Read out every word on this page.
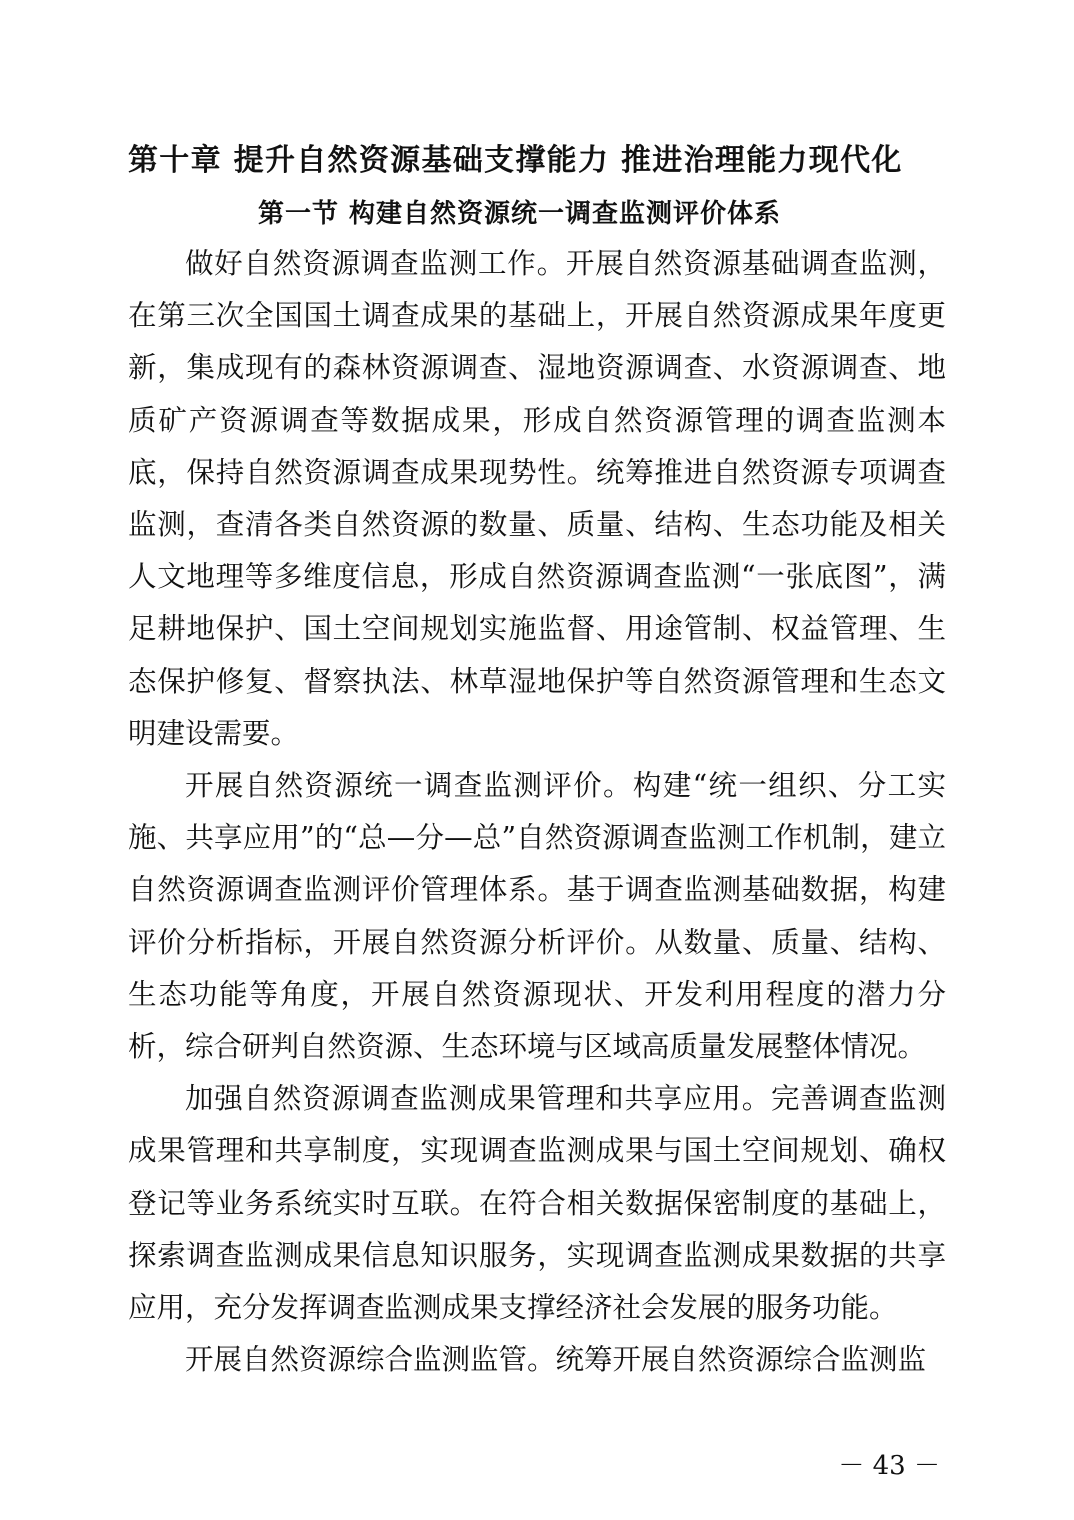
第十章 提升自然资源基础支撑能力 推进治理能力现代化
第一节 构建自然资源统一调查监测评价体系

做好自然资源调查监测工作。开展自然资源基础调查监测，在第三次全国国土调查成果的基础上，开展自然资源成果年度更新，集成现有的森林资源调查、湿地资源调查、水资源调查、地质矿产资源调查等数据成果，形成自然资源管理的调查监测本底，保持自然资源调查成果现势性。统筹推进自然资源专项调查监测，查清各类自然资源的数量、质量、结构、生态功能及相关人文地理等多维度信息，形成自然资源调查监测“一张底图”，满足耕地保护、国土空间规划实施监督、用途管制、权益管理、生态保护修复、督察执法、林草湿地保护等自然资源管理和生态文明建设需要。

开展自然资源统一调查监测评价。构建“统一组织、分工实施、共享应用”的“总—分—总”自然资源调查监测工作机制，建立自然资源调查监测评价管理体系。基于调查监测基础数据，构建评价分析指标，开展自然资源分析评价。从数量、质量、结构、生态功能等角度，开展自然资源现状、开发利用程度的潜力分析，综合研判自然资源、生态环境与区域高质量发展整体情况。

加强自然资源调查监测成果管理和共享应用。完善调查监测成果管理和共享制度，实现调查监测成果与国土空间规划、确权登记等业务系统实时互联。在符合相关数据保密制度的基础上，探索调查监测成果信息知识服务，实现调查监测成果数据的共享应用，充分发挥调查监测成果支撑经济社会发展的服务功能。

开展自然资源综合监测监管。统筹开展自然资源综合监测监

－ 43 －
